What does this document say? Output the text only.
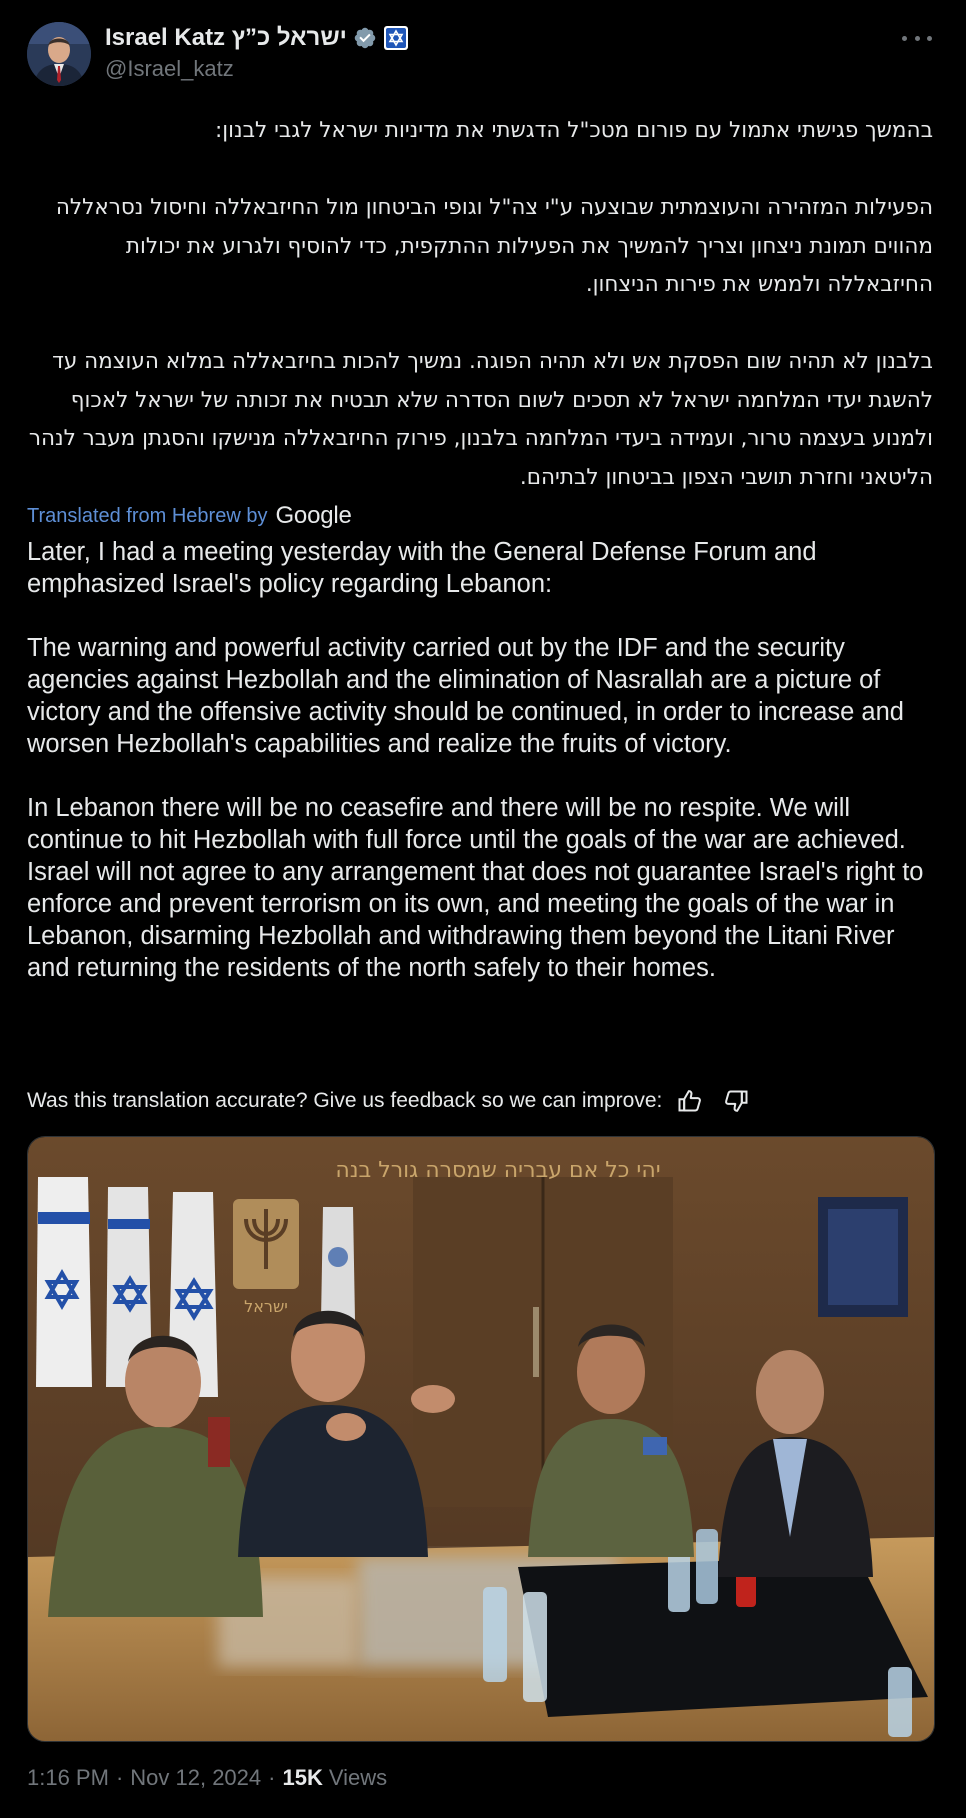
Israel Katz ישראל כ”ץ
@Israel_katz

בהמשך פגישתי אתמול עם פורום מטכ"ל הדגשתי את מדיניות ישראל לגבי לבנון:

הפעילות המזהירה והעוצמתית שבוצעה ע"י צה"ל וגופי הביטחון מול החיזבאללה וחיסול נסראללה מהווים תמונת ניצחון וצריך להמשיך את הפעילות ההתקפית, כדי להוסיף ולגרוע את יכולות החיזבאללה ולממש את פירות הניצחון.

בלבנון לא תהיה שום הפסקת אש ולא תהיה הפוגה. נמשיך להכות בחיזבאללה במלוא העוצמה עד להשגת יעדי המלחמה ישראל לא תסכים לשום הסדרה שלא תבטיח את זכותה של ישראל לאכוף ולמנוע בעצמה טרור, ועמידה ביעדי המלחמה בלבנון, פירוק החיזבאללה מנישקו והסגתן מעבר לנהר הליטאני וחזרת תושבי הצפון בביטחון לבתיהם.

Translated from Hebrew by Google

Later, I had a meeting yesterday with the General Defense Forum and emphasized Israel's policy regarding Lebanon:

The warning and powerful activity carried out by the IDF and the security agencies against Hezbollah and the elimination of Nasrallah are a picture of victory and the offensive activity should be continued, in order to increase and worsen Hezbollah's capabilities and realize the fruits of victory.

In Lebanon there will be no ceasefire and there will be no respite. We will continue to hit Hezbollah with full force until the goals of the war are achieved. Israel will not agree to any arrangement that does not guarantee Israel's right to enforce and prevent terrorism on its own, and meeting the goals of the war in Lebanon, disarming Hezbollah and withdrawing them beyond the Litani River and returning the residents of the north safely to their homes.

Was this translation accurate? Give us feedback so we can improve:
יהי כל אם עבריה שמסרה גורל בנה
ישראל
1:16 PM · Nov 12, 2024 · 15K Views
